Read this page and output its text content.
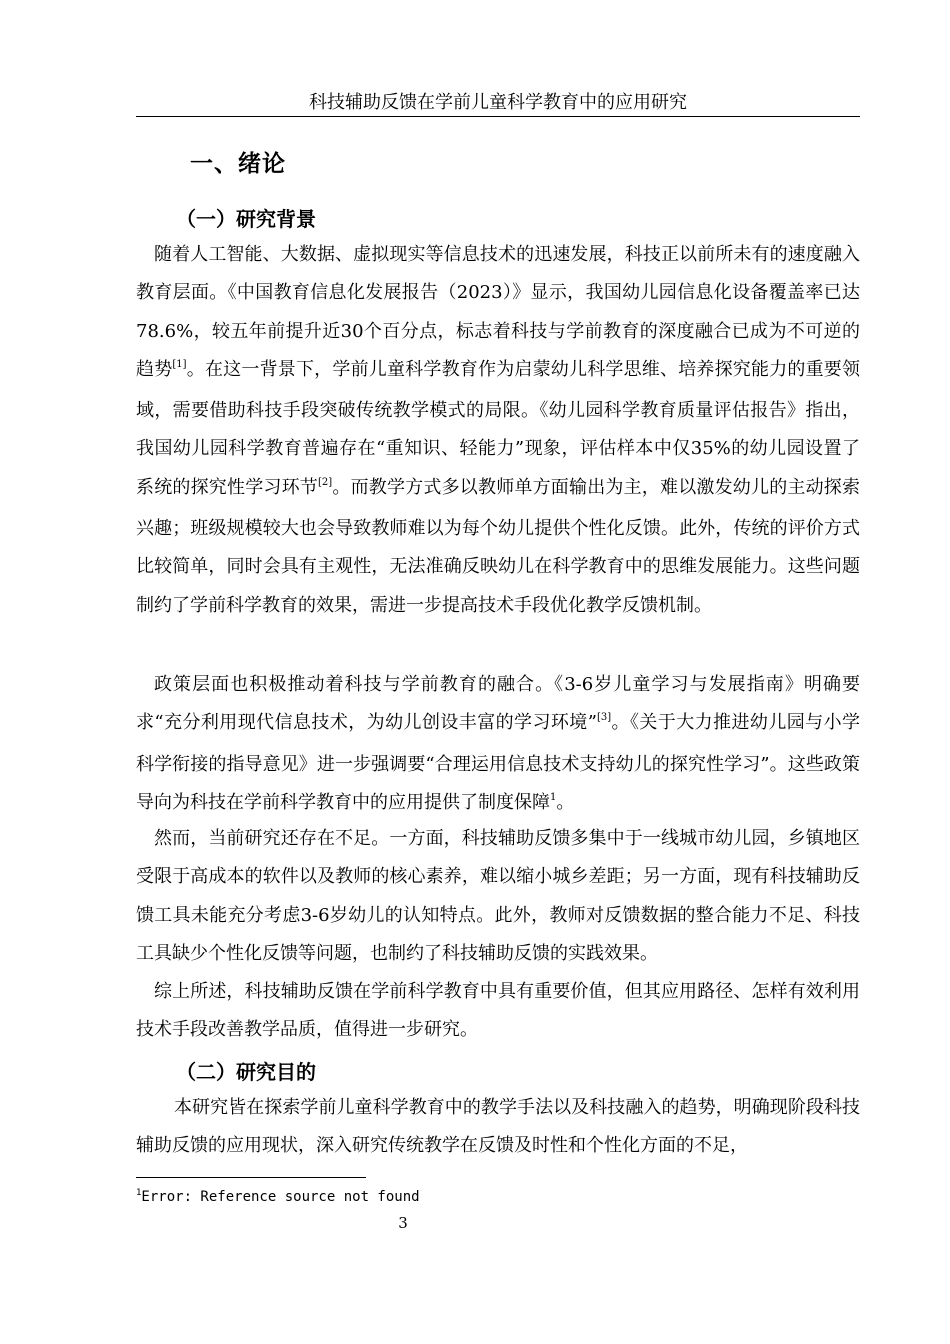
科技辅助反馈在学前儿童科学教育中的应用研究
一、绪论
（一）研究背景

随着人工智能、大数据、虚拟现实等信息技术的迅速发展，科技正以前所未有的速度融入教育层面。《中国教育信息化发展报告（2023）》显示，我国幼儿园信息化设备覆盖率已达78.6%，较五年前提升近30个百分点，标志着科技与学前教育的深度融合已成为不可逆的趋势[1]。在这一背景下，学前儿童科学教育作为启蒙幼儿科学思维、培养探究能力的重要领域，需要借助科技手段突破传统教学模式的局限。《幼儿园科学教育质量评估报告》指出，我国幼儿园科学教育普遍存在“重知识、轻能力”现象，评估样本中仅35%的幼儿园设置了系统的探究性学习环节[2]。而教学方式多以教师单方面输出为主，难以激发幼儿的主动探索兴趣；班级规模较大也会导致教师难以为每个幼儿提供个性化反馈。此外，传统的评价方式比较简单，同时会具有主观性，无法准确反映幼儿在科学教育中的思维发展能力。这些问题制约了学前科学教育的效果，需进一步提高技术手段优化教学反馈机制。

政策层面也积极推动着科技与学前教育的融合。《3-6岁儿童学习与发展指南》明确要求“充分利用现代信息技术，为幼儿创设丰富的学习环境”[3]。《关于大力推进幼儿园与小学科学衔接的指导意见》进一步强调要“合理运用信息技术支持幼儿的探究性学习”。这些政策导向为科技在学前科学教育中的应用提供了制度保障$^1$。

然而，当前研究还存在不足。一方面，科技辅助反馈多集中于一线城市幼儿园，乡镇地区受限于高成本的软件以及教师的核心素养，难以缩小城乡差距；另一方面，现有科技辅助反馈工具未能充分考虑3-6岁幼儿的认知特点。此外，教师对反馈数据的整合能力不足、科技工具缺少个性化反馈等问题，也制约了科技辅助反馈的实践效果。

综上所述，科技辅助反馈在学前科学教育中具有重要价值，但其应用路径、怎样有效利用技术手段改善教学品质，值得进一步研究。

（二）研究目的

本研究皆在探索学前儿童科学教育中的教学手法以及科技融入的趋势，明确现阶段科技辅助反馈的应用现状，深入研究传统教学在反馈及时性和个性化方面的不足，

$^1$Error: Reference source not found
3
